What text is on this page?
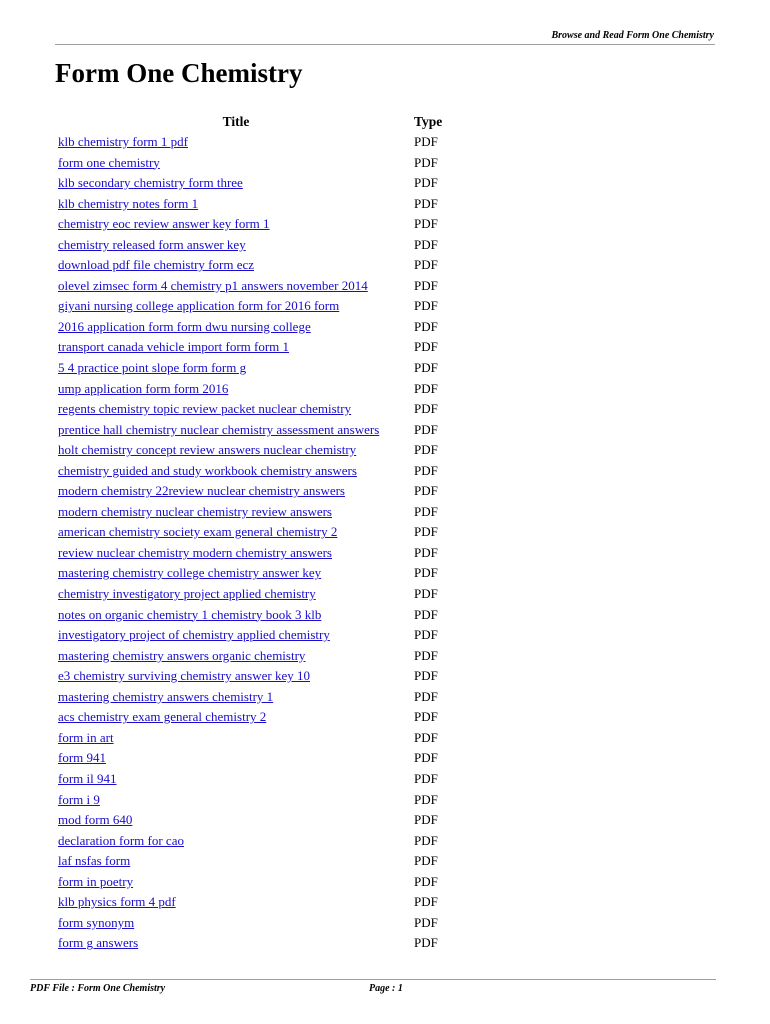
Browse and Read Form One Chemistry
Form One Chemistry
Title	Type
klb chemistry form 1 pdf	PDF
form one chemistry	PDF
klb secondary chemistry form three	PDF
klb chemistry notes form 1	PDF
chemistry eoc review answer key form 1	PDF
chemistry released form answer key	PDF
download pdf file chemistry form ecz	PDF
olevel zimsec form 4 chemistry p1 answers november 2014	PDF
giyani nursing college application form for 2016 form	PDF
2016 application form form dwu nursing college	PDF
transport canada vehicle import form form 1	PDF
5 4 practice point slope form form g	PDF
ump application form form 2016	PDF
regents chemistry topic review packet nuclear chemistry	PDF
prentice hall chemistry nuclear chemistry assessment answers	PDF
holt chemistry concept review answers nuclear chemistry	PDF
chemistry guided and study workbook chemistry answers	PDF
modern chemistry 22review nuclear chemistry answers	PDF
modern chemistry nuclear chemistry review answers	PDF
american chemistry society exam general chemistry 2	PDF
review nuclear chemistry modern chemistry answers	PDF
mastering chemistry college chemistry answer key	PDF
chemistry investigatory project applied chemistry	PDF
notes on organic chemistry 1 chemistry book 3 klb	PDF
investigatory project of chemistry applied chemistry	PDF
mastering chemistry answers organic chemistry	PDF
e3 chemistry surviving chemistry answer key 10	PDF
mastering chemistry answers chemistry 1	PDF
acs chemistry exam general chemistry 2	PDF
form in art	PDF
form 941	PDF
form il 941	PDF
form i 9	PDF
mod form 640	PDF
declaration form for cao	PDF
laf nsfas form	PDF
form in poetry	PDF
klb physics form 4 pdf	PDF
form synonym	PDF
form g answers	PDF
PDF File : Form One Chemistry	Page : 1
